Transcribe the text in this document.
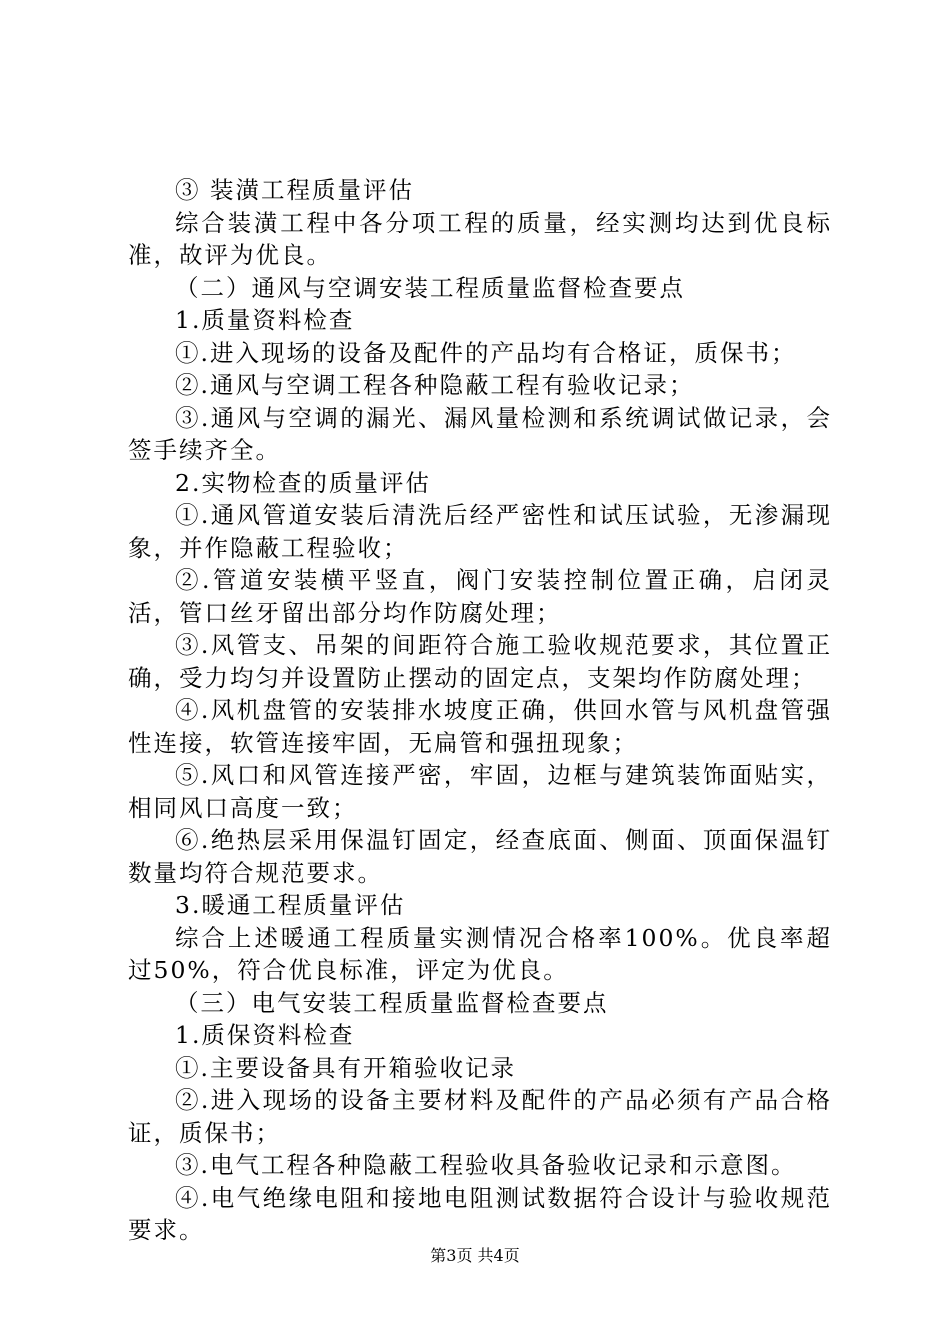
③ 装潢工程质量评估

综合装潢工程中各分项工程的质量，经实测均达到优良标准，故评为优良。

（二）通风与空调安装工程质量监督检查要点

1.质量资料检查

①.进入现场的设备及配件的产品均有合格证，质保书；

②.通风与空调工程各种隐蔽工程有验收记录；

③.通风与空调的漏光、漏风量检测和系统调试做记录，会签手续齐全。

2.实物检查的质量评估

①.通风管道安装后清洗后经严密性和试压试验，无渗漏现象，并作隐蔽工程验收；

②.管道安装横平竖直，阀门安装控制位置正确，启闭灵活，管口丝牙留出部分均作防腐处理；

③.风管支、吊架的间距符合施工验收规范要求，其位置正确，受力均匀并设置防止摆动的固定点，支架均作防腐处理；

④.风机盘管的安装排水坡度正确，供回水管与风机盘管强性连接，软管连接牢固，无扁管和强扭现象；

⑤.风口和风管连接严密，牢固，边框与建筑装饰面贴实，相同风口高度一致；

⑥.绝热层采用保温钉固定，经查底面、侧面、顶面保温钉数量均符合规范要求。

3.暖通工程质量评估

综合上述暖通工程质量实测情况合格率100%。优良率超过50%，符合优良标准，评定为优良。

（三）电气安装工程质量监督检查要点

1.质保资料检查

①.主要设备具有开箱验收记录

②.进入现场的设备主要材料及配件的产品必须有产品合格证，质保书；

③.电气工程各种隐蔽工程验收具备验收记录和示意图。

④.电气绝缘电阻和接地电阻测试数据符合设计与验收规范要求。

第3页 共4页
